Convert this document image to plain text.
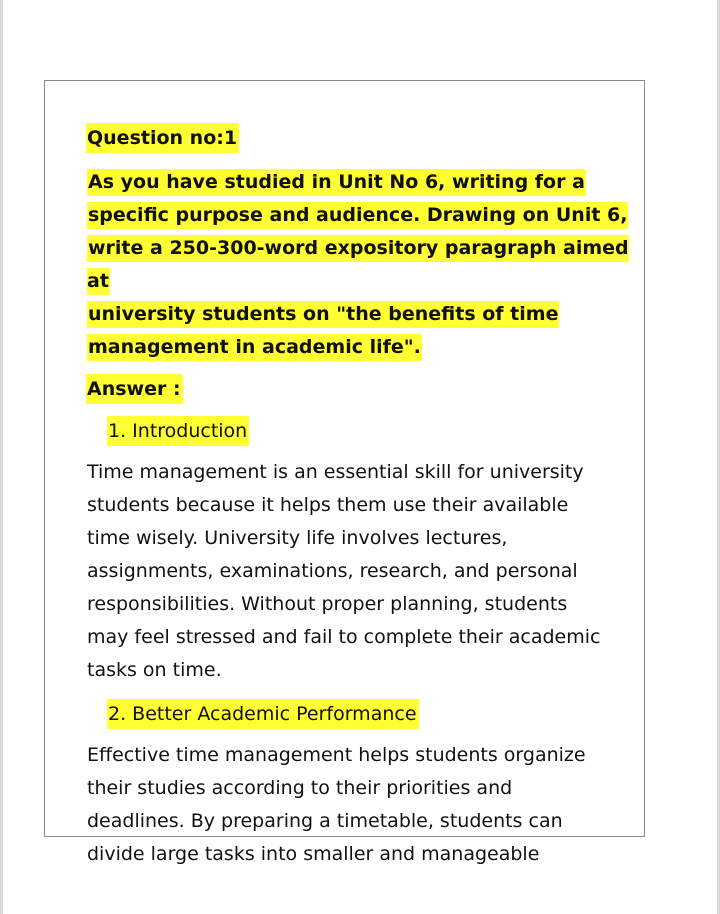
Question no:1
As you have studied in Unit No 6, writing for a
specific purpose and audience. Drawing on Unit 6,
write a 250-300-word expository paragraph aimed at
university students on "the benefits of time
management in academic life".
Answer :
1. Introduction
Time management is an essential skill for university
students because it helps them use their available
time wisely. University life involves lectures,
assignments, examinations, research, and personal
responsibilities. Without proper planning, students
may feel stressed and fail to complete their academic
tasks on time.
2. Better Academic Performance
Effective time management helps students organize
their studies according to their priorities and
deadlines. By preparing a timetable, students can
divide large tasks into smaller and manageable
